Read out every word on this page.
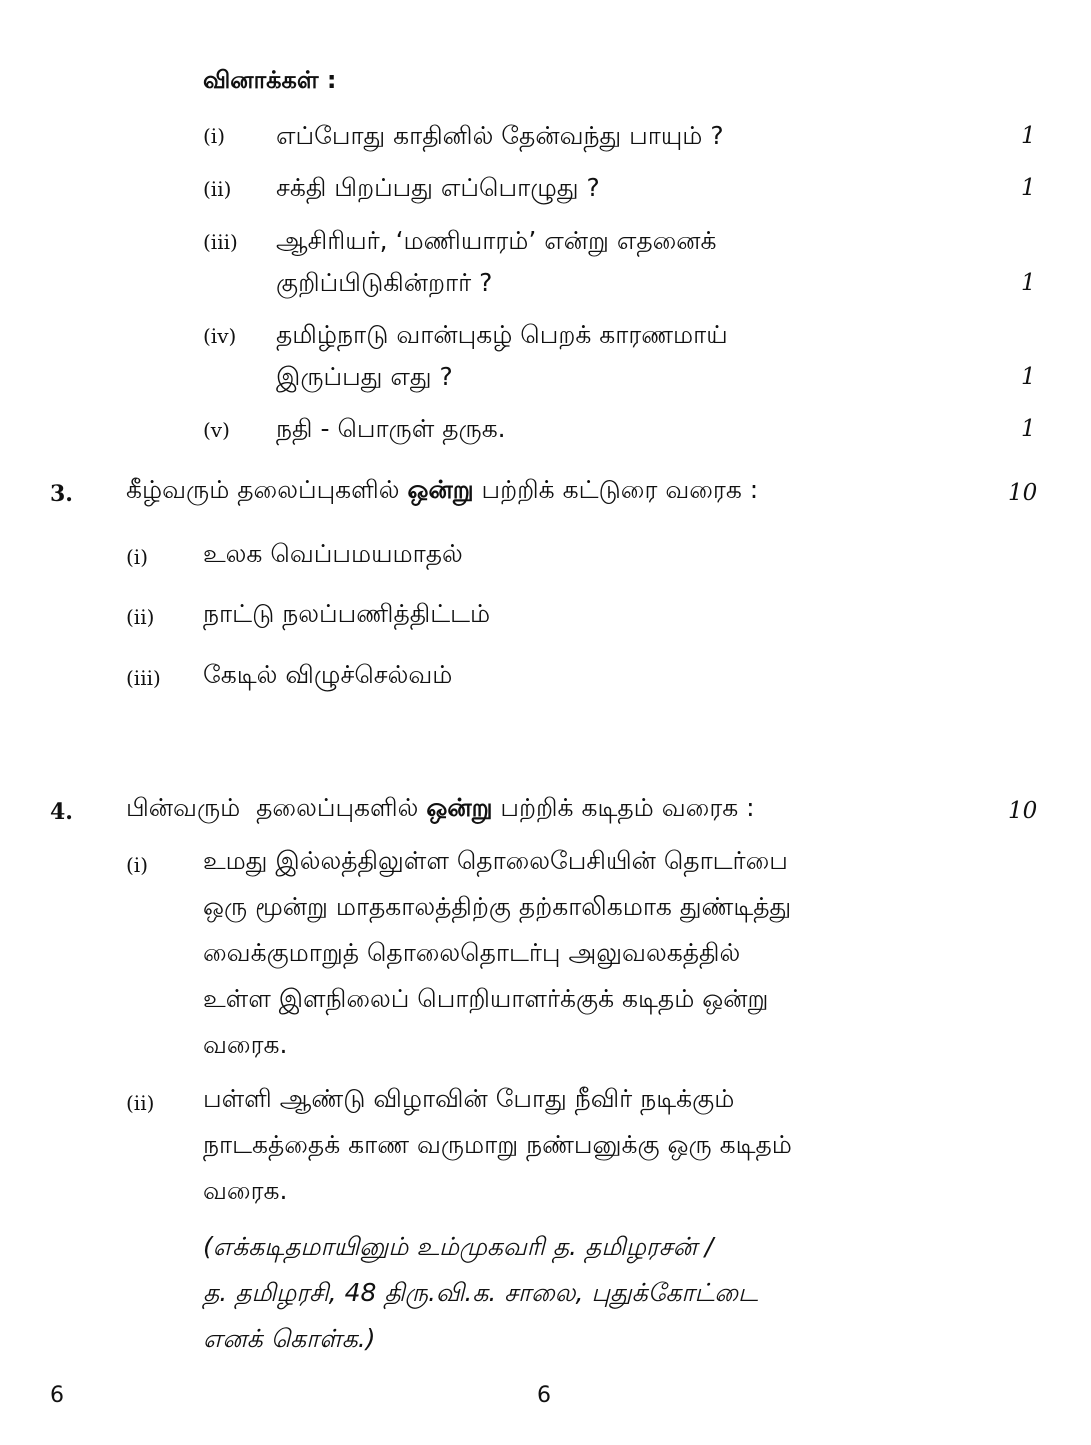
வினாக்கள் :
(i) எப்போது காதினில் தேன்வந்து பாயும் ?	1
(ii) சக்தி பிறப்பது எப்பொழுது ?	1
(iii) ஆசிரியர், ‘மணியாரம்’ என்று எதனைக்
குறிப்பிடுகின்றார் ?	1
(iv) தமிழ்நாடு வான்புகழ் பெறக் காரணமாய்
இருப்பது எது ?	1
(v) நதி - பொருள் தருக.	1
3. கீழ்வரும் தலைப்புகளில் ஒன்று பற்றிக் கட்டுரை வரைக :	10
(i) உலக வெப்பமயமாதல்
(ii) நாட்டு நலப்பணித்திட்டம்
(iii) கேடில் விழுச்செல்வம்
4. பின்வரும்  தலைப்புகளில் ஒன்று பற்றிக் கடிதம் வரைக :	10
(i) உமது இல்லத்திலுள்ள தொலைபேசியின் தொடர்பை
ஒரு மூன்று மாதகாலத்திற்கு தற்காலிகமாக துண்டித்து
வைக்குமாறுத் தொலைதொடர்பு அலுவலகத்தில்
உள்ள இளநிலைப் பொறியாளர்க்குக் கடிதம் ஒன்று
வரைக.
(ii) பள்ளி ஆண்டு விழாவின் போது நீவிர் நடிக்கும்
நாடகத்தைக் காண வருமாறு நண்பனுக்கு ஒரு கடிதம்
வரைக.
(எக்கடிதமாயினும் உம்முகவரி த. தமிழரசன் /
த. தமிழரசி, 48 திரு.வி.க. சாலை, புதுக்கோட்டை
எனக் கொள்க.)
6	6
